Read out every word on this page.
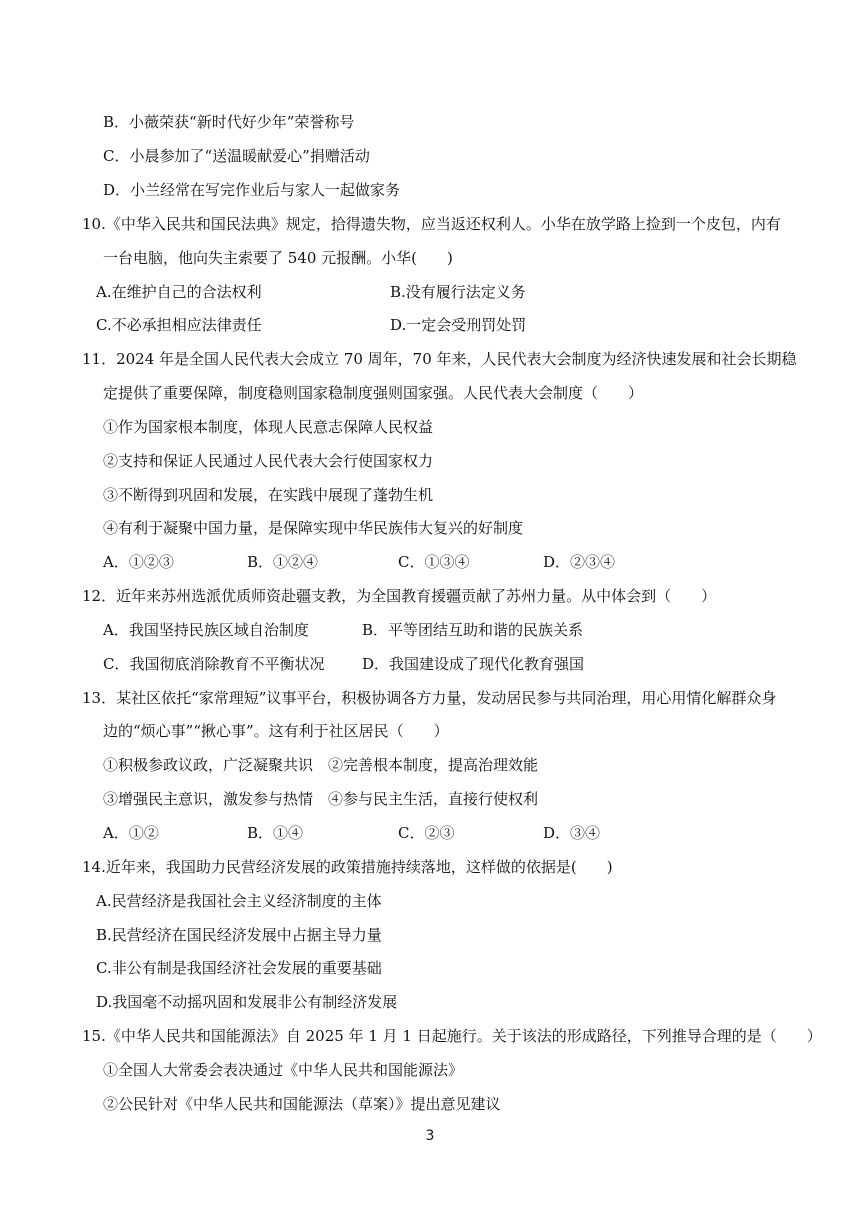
B．小薇荣获“新时代好少年”荣誉称号
C．小晨参加了“送温暖献爱心”捐赠活动
D．小兰经常在写完作业后与家人一起做家务
10.《中华入民共和国民法典》规定，拾得遗失物，应当返还权利人。小华在放学路上捡到一个皮包，内有
一台电脑，他向失主索要了 540 元报酬。小华(　　)
A.在维护自己的合法权利	B.没有履行法定义务
C.不必承担相应法律责任	D.一定会受刑罚处罚
11．2024 年是全国人民代表大会成立 70 周年，70 年来，人民代表大会制度为经济快速发展和社会长期稳
定提供了重要保障，制度稳则国家稳制度强则国家强。人民代表大会制度（　　）
①作为国家根本制度，体现人民意志保障人民权益
②支持和保证人民通过人民代表大会行使国家权力
③不断得到巩固和发展，在实践中展现了蓬勃生机
④有利于凝聚中国力量，是保障实现中华民族伟大复兴的好制度
A．①②③	B．①②④	C．①③④	D．②③④
12．近年来苏州选派优质师资赴疆支教，为全国教育援疆贡献了苏州力量。从中体会到（　　）
A．我国坚持民族区域自治制度	B．平等团结互助和谐的民族关系
C．我国彻底消除教育不平衡状况	D．我国建设成了现代化教育强国
13．某社区依托“家常理短”议事平台，积极协调各方力量，发动居民参与共同治理，用心用情化解群众身
边的“烦心事”“揪心事”。这有利于社区居民（　　）
①积极参政议政，广泛凝聚共识　②完善根本制度，提高治理效能
③增强民主意识，激发参与热情　④参与民主生活，直接行使权利
A．①②	B．①④	C．②③	D．③④
14.近年来，我国助力民营经济发展的政策措施持续落地，这样做的依据是(　　)
A.民营经济是我国社会主义经济制度的主体
B.民营经济在国民经济发展中占据主导力量
C.非公有制是我国经济社会发展的重要基础
D.我国毫不动摇巩固和发展非公有制经济发展
15.《中华人民共和国能源法》自 2025 年 1 月 1 日起施行。关于该法的形成路径，下列推导合理的是（　　）
①全国人大常委会表决通过《中华人民共和国能源法》
②公民针对《中华人民共和国能源法（草案）》提出意见建议
3
